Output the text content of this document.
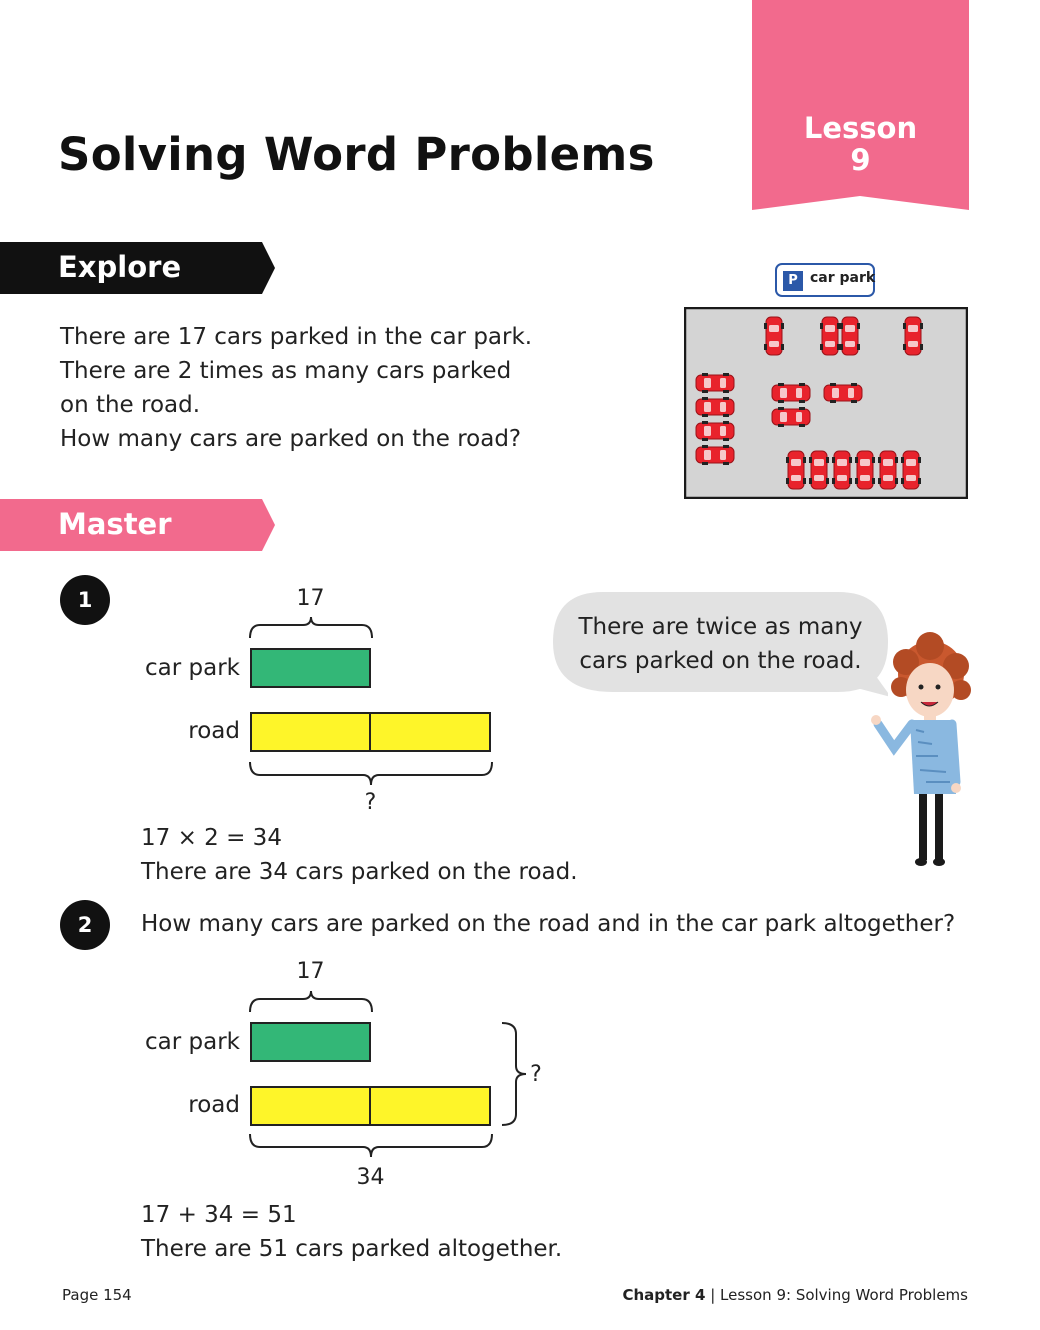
Lesson
9
Solving Word Problems
Explore
There are 17 cars parked in the car park.
There are 2 times as many cars parked
on the road.
How many cars are parked on the road?
P car park
Master
1	17
car park
road
?
17 × 2 = 34
There are 34 cars parked on the road.
There are twice as many
cars parked on the road.
2	How many cars are parked on the road and in the car park altogether?
17
car park
road
?
34
17 + 34 = 51
There are 51 cars parked altogether.
Page 154	Chapter 4 | Lesson 9: Solving Word Problems
